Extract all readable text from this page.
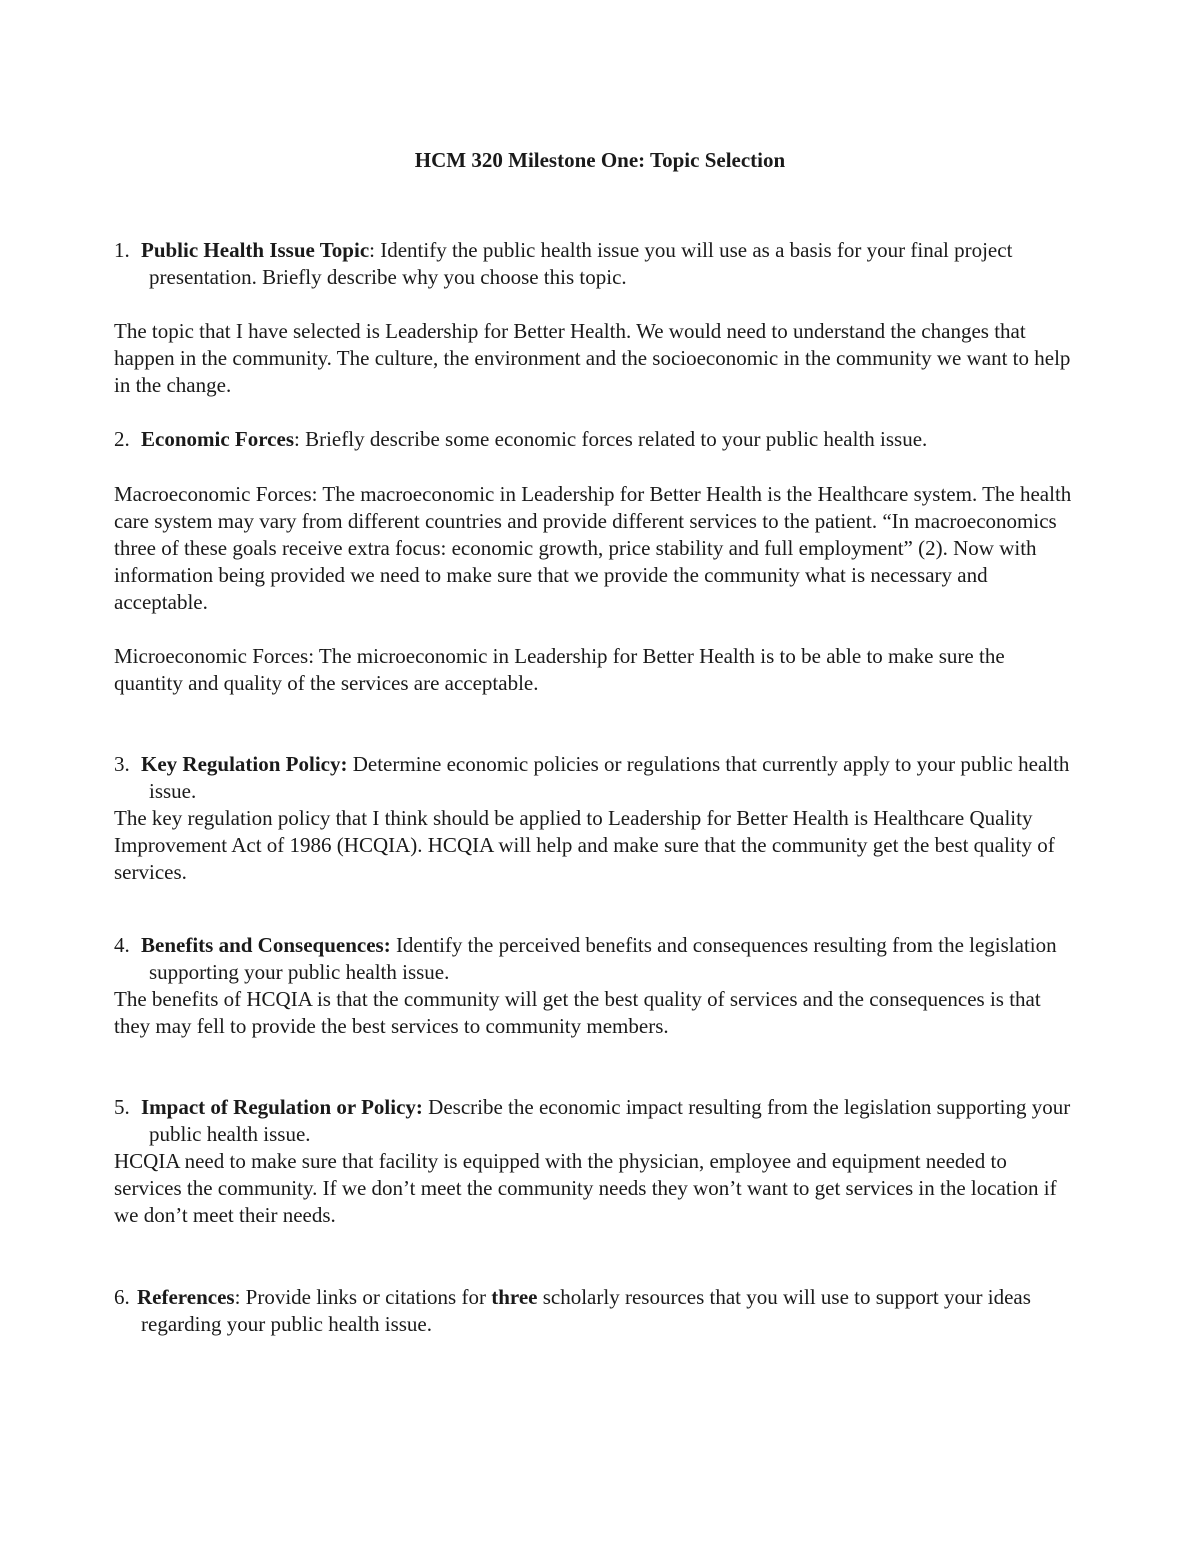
HCM 320 Milestone One: Topic Selection

1. Public Health Issue Topic: Identify the public health issue you will use as a basis for your final project presentation. Briefly describe why you choose this topic.

The topic that I have selected is Leadership for Better Health. We would need to understand the changes that happen in the community. The culture, the environment and the socioeconomic in the community we want to help in the change.

2. Economic Forces: Briefly describe some economic forces related to your public health issue.

Macroeconomic Forces: The macroeconomic in Leadership for Better Health is the Healthcare system. The health care system may vary from different countries and provide different services to the patient. “In macroeconomics three of these goals receive extra focus: economic growth, price stability and full employment” (2). Now with information being provided we need to make sure that we provide the community what is necessary and acceptable.

Microeconomic Forces: The microeconomic in Leadership for Better Health is to be able to make sure the quantity and quality of the services are acceptable.

3. Key Regulation Policy: Determine economic policies or regulations that currently apply to your public health issue.

The key regulation policy that I think should be applied to Leadership for Better Health is Healthcare Quality Improvement Act of 1986 (HCQIA). HCQIA will help and make sure that the community get the best quality of services.

4. Benefits and Consequences: Identify the perceived benefits and consequences resulting from the legislation supporting your public health issue.

The benefits of HCQIA is that the community will get the best quality of services and the consequences is that they may fell to provide the best services to community members.

5. Impact of Regulation or Policy: Describe the economic impact resulting from the legislation supporting your public health issue.

HCQIA need to make sure that facility is equipped with the physician, employee and equipment needed to services the community. If we don’t meet the community needs they won’t want to get services in the location if we don’t meet their needs.

6. References: Provide links or citations for three scholarly resources that you will use to support your ideas regarding your public health issue.
